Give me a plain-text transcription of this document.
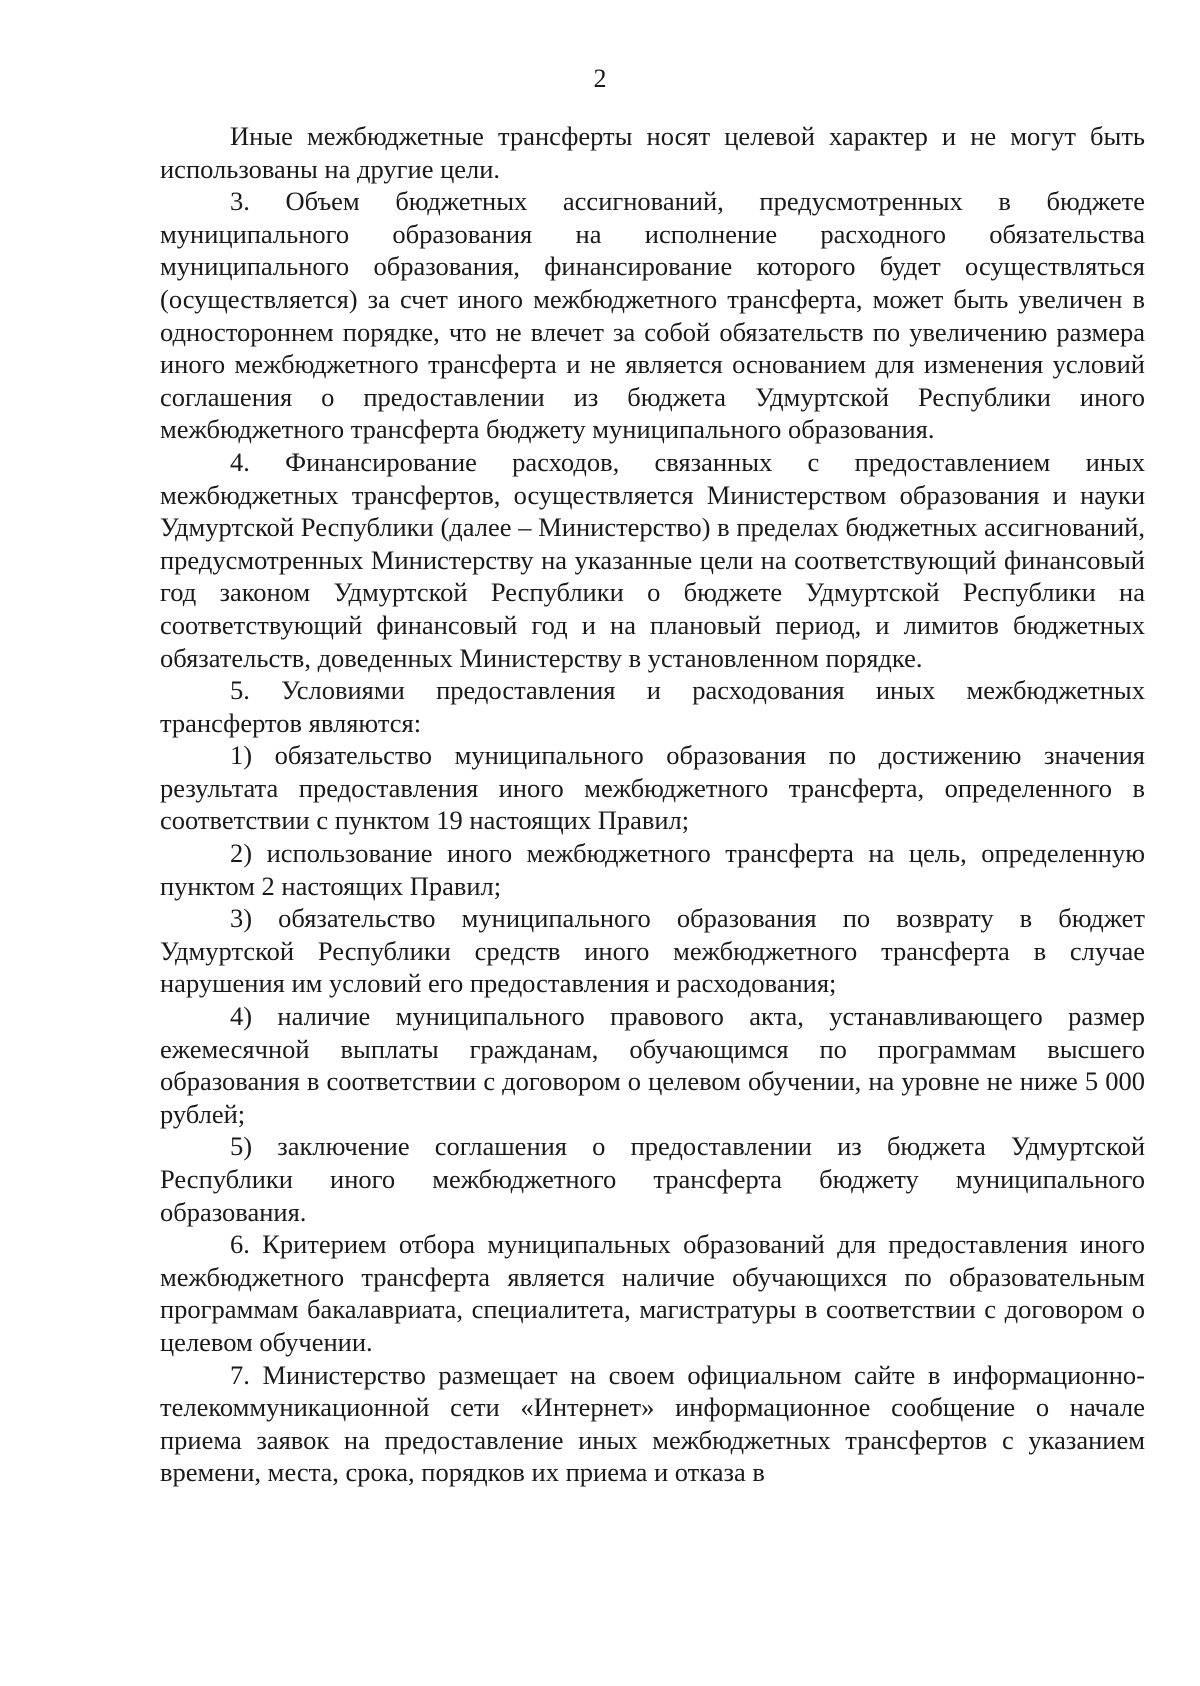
2

Иные межбюджетные трансферты носят целевой характер и не могут быть использованы на другие цели.

3. Объем бюджетных ассигнований, предусмотренных в бюджете муниципального образования на исполнение расходного обязательства муниципального образования, финансирование которого будет осуществляться (осуществляется) за счет иного межбюджетного трансферта, может быть увеличен в одностороннем порядке, что не влечет за собой обязательств по увеличению размера иного межбюджетного трансферта и не является основанием для изменения условий соглашения о предоставлении из бюджета Удмуртской Республики иного межбюджетного трансферта бюджету муниципального образования.

4. Финансирование расходов, связанных с предоставлением иных межбюджетных трансфертов, осуществляется Министерством образования и науки Удмуртской Республики (далее – Министерство) в пределах бюджетных ассигнований, предусмотренных Министерству на указанные цели на соответствующий финансовый год законом Удмуртской Республики о бюджете Удмуртской Республики на соответствующий финансовый год и на плановый период, и лимитов бюджетных обязательств, доведенных Министерству в установленном порядке.

5. Условиями предоставления и расходования иных межбюджетных трансфертов являются:

1) обязательство муниципального образования по достижению значения результата предоставления иного межбюджетного трансферта, определенного в соответствии с пунктом 19 настоящих Правил;

2) использование иного межбюджетного трансферта на цель, определенную пунктом 2 настоящих Правил;

3) обязательство муниципального образования по возврату в бюджет Удмуртской Республики средств иного межбюджетного трансферта в случае нарушения им условий его предоставления и расходования;

4) наличие муниципального правового акта, устанавливающего размер ежемесячной выплаты гражданам, обучающимся по программам высшего образования в соответствии с договором о целевом обучении, на уровне не ниже 5 000 рублей;

5) заключение соглашения о предоставлении из бюджета Удмуртской Республики иного межбюджетного трансферта бюджету муниципального образования.

6. Критерием отбора муниципальных образований для предоставления иного межбюджетного трансферта является наличие обучающихся по образовательным программам бакалавриата, специалитета, магистратуры в соответствии с договором о целевом обучении.

7. Министерство размещает на своем официальном сайте в информационно-телекоммуникационной сети «Интернет» информационное сообщение о начале приема заявок на предоставление иных межбюджетных трансфертов с указанием времени, места, срока, порядков их приема и отказа в
